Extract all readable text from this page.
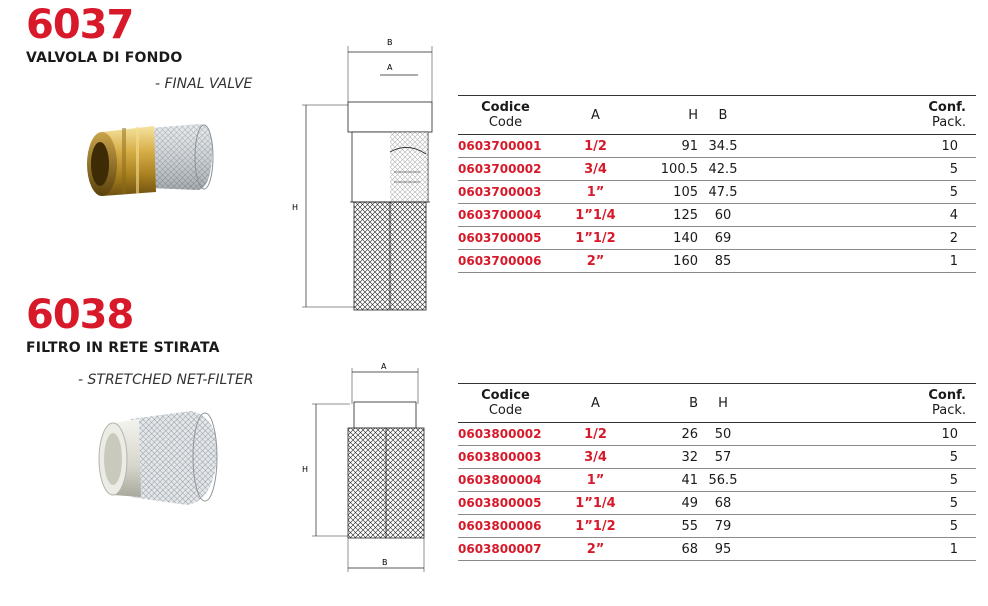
6037
VALVOLA DI FONDO
- FINAL VALVE
B
A
H
Codice
Code	A	H	B	Conf.
Pack.

0603700001	1/2	91	34.5	10
0603700002	3/4	100.5	42.5	5
0603700003	1”	105	47.5	5
0603700004	1”1/4	125	60	4
0603700005	1”1/2	140	69	2
0603700006	2”	160	85	1
6038
FILTRO IN RETE STIRATA
- STRETCHED NET-FILTER
A
H
B
Codice
Code	A	B	H	Conf.
Pack.

0603800002	1/2	26	50	10
0603800003	3/4	32	57	5
0603800004	1”	41	56.5	5
0603800005	1”1/4	49	68	5
0603800006	1”1/2	55	79	5
0603800007	2”	68	95	1
